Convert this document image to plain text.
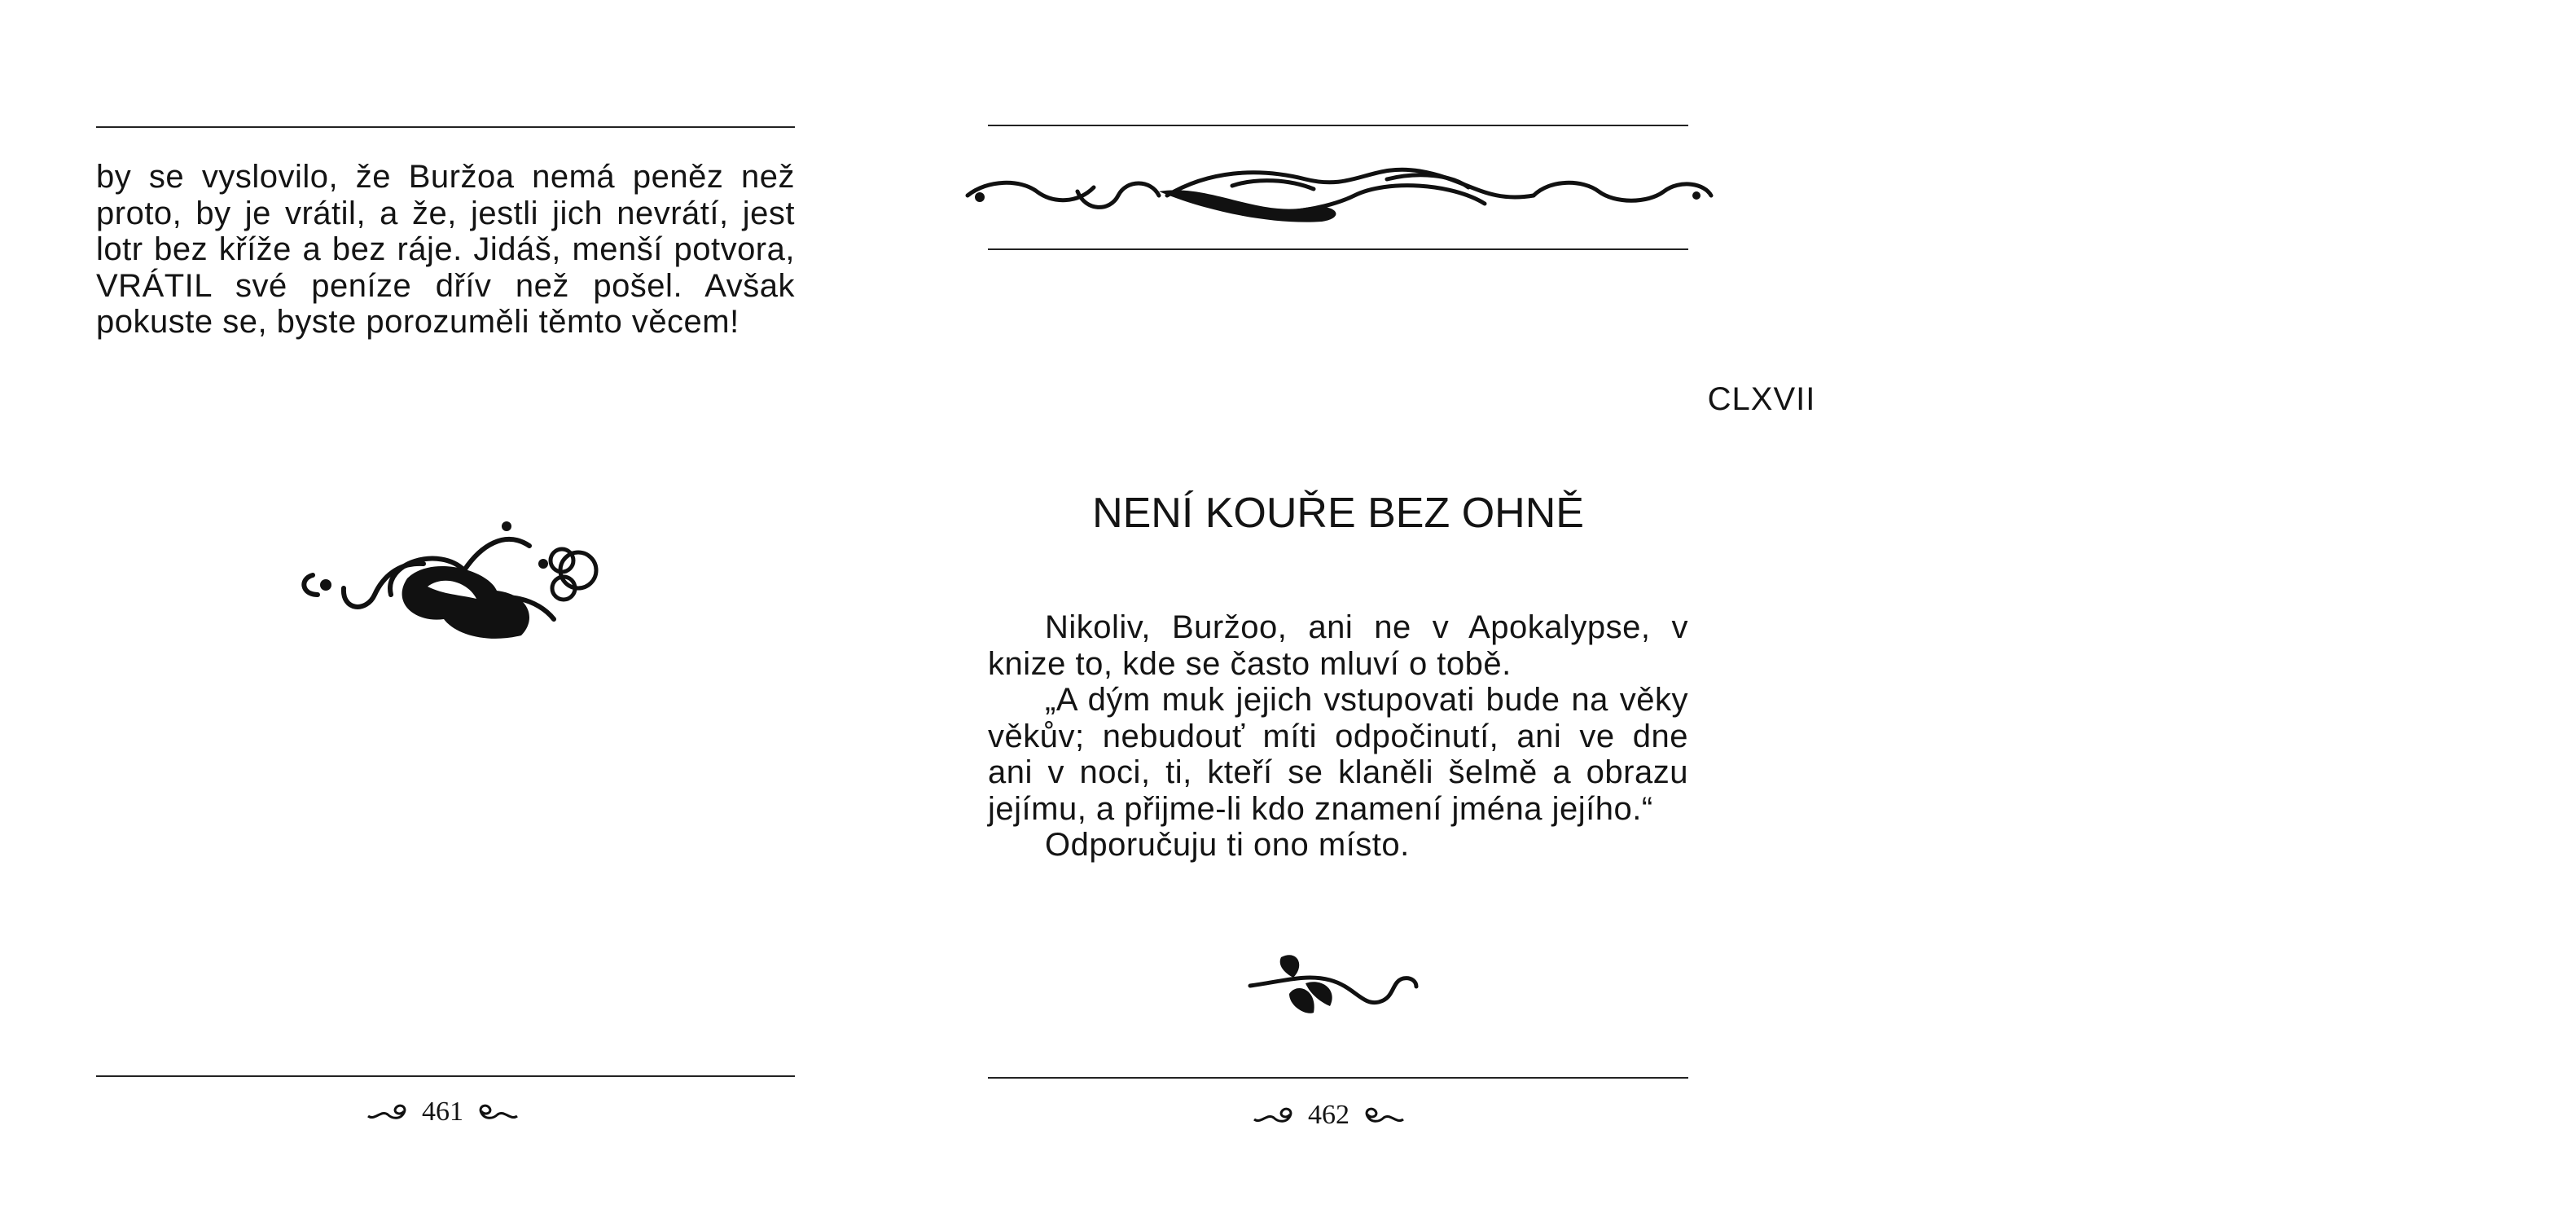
by se vyslovilo, že Buržoa nemá peněz než proto, by je vrátil, a že, jestli jich nevrátí, jest lotr bez kříže a bez ráje. Jidáš, menší potvora, VRÁTIL své peníze dřív než pošel. Avšak pokuste se, byste porozuměli těmto věcem!

461
CLXVII
NENÍ KOUŘE BEZ OHNĚ

Nikoliv, Buržoo, ani ne v Apokalypse, v knize to, kde se často mluví o tobě.

„A dým muk jejich vstupovati bude na věky věkův; nebudouť míti odpočinutí, ani ve dne ani v noci, ti, kteří se klaněli šelmě a obrazu jejímu, a přijme-li kdo znamení jména jejího.“

Odporučuju ti ono místo.

462
